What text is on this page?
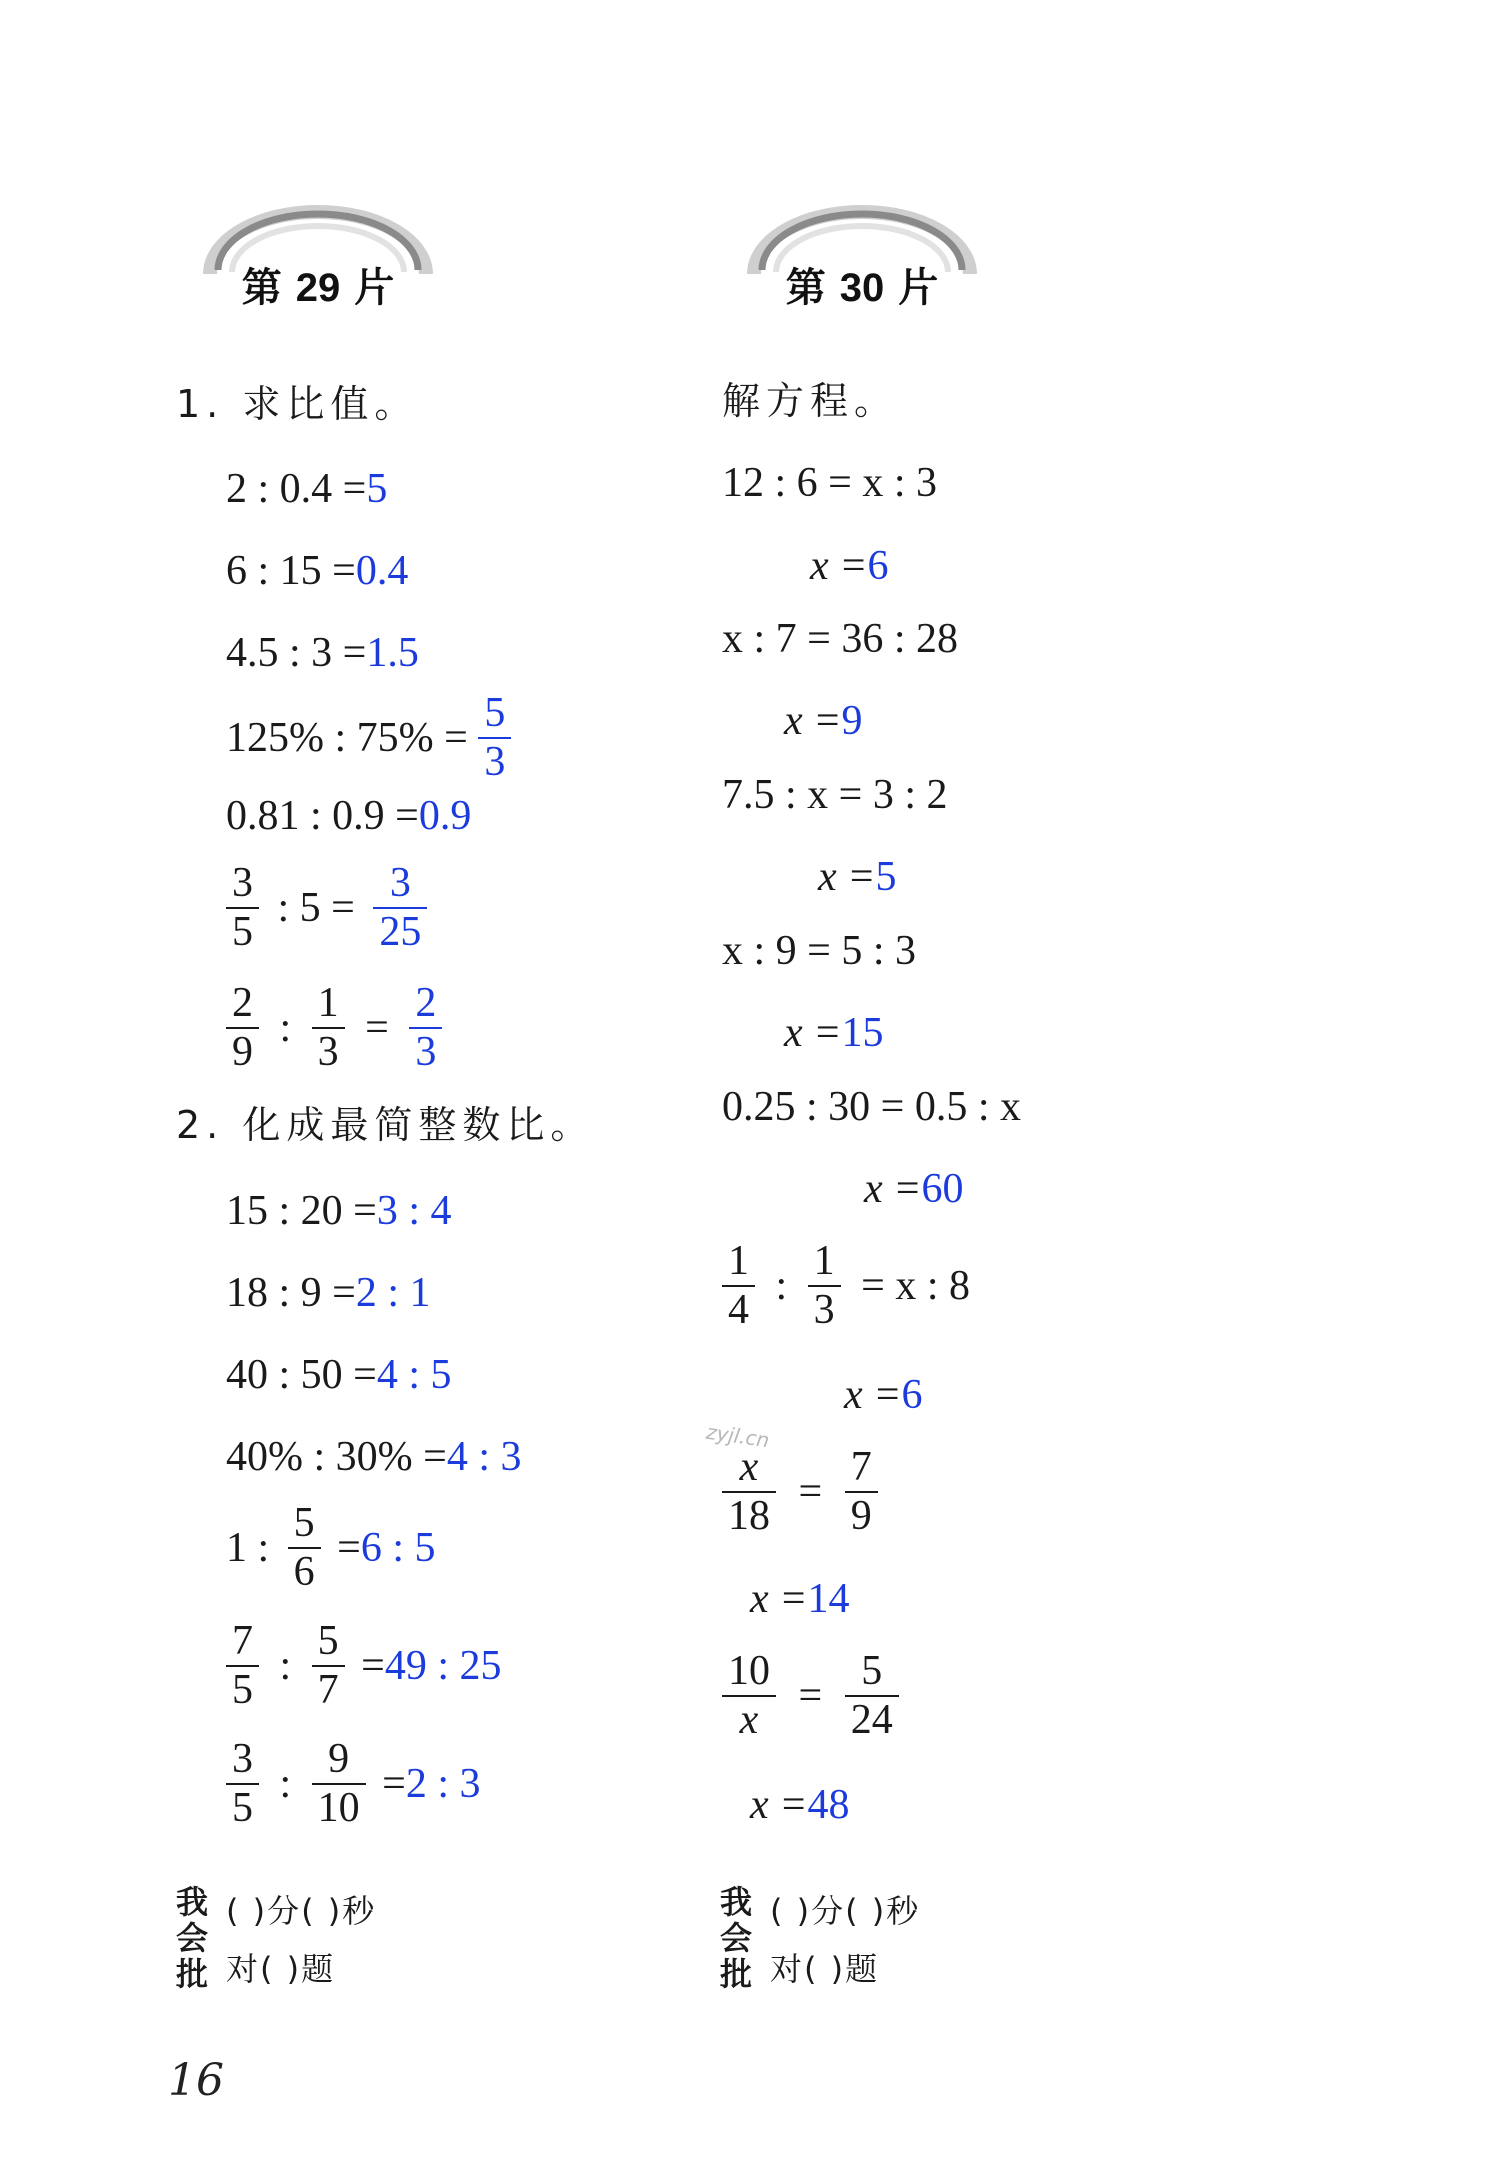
第 29 片	第 30 片
1. 求比值。
2 : 0.4 =5
6 : 15 =0.4
4.5 : 3 =1.5
125% : $75\% = \frac{5}{3}$
0.81 : 0.9 =0.9
$\frac{3}{5}$ : $5 = \frac{3}{25}$
$\frac{2}{9}$ : $\frac{1}{3} = \frac{2}{3}$
2. 化成最简整数比。
15 : 20 =3 : 4
18 : 9 =2 : 1
40 : 50 =4 : 5
40% : 30% =4 : 3
1 : $\frac{5}{6} =6$ : 5
$\frac{7}{5}$ : $\frac{5}{7} =49$ : 25
$\frac{3}{5}$ : $\frac{9}{10} =2$ : 3
解方程。
12 : 6 = x : 3
x =6
x : 7 = 36 : 28
x =9
7.5 : x = 3 : 2
x =5
x : 9 = 5 : 3
x =15
0.25 : 30 = 0.5 : x
x =60
$\frac{1}{4}$ : $\frac{1}{3} = x$ : 8
x =6
$\frac{x}{18} = \frac{7}{9}$
x =14
$\frac{10}{x} = \frac{5}{24}$
x =48
zyjl.cn
我
会
批
( )分( )秒
对( )题
我
会
批
( )分( )秒
对( )题
16
